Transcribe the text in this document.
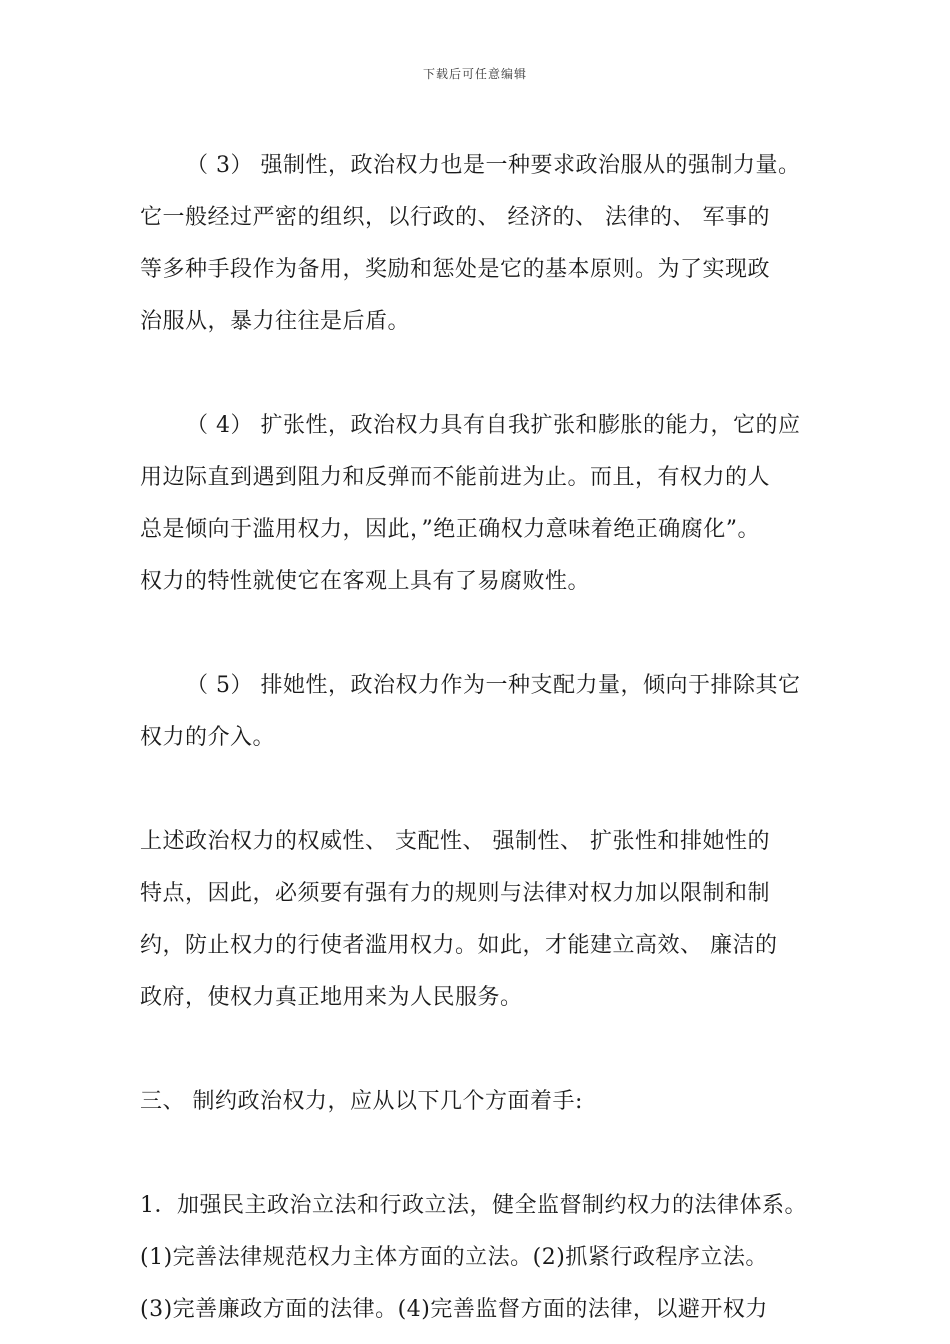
下载后可任意编辑
（ 3） 强制性，政治权力也是一种要求政治服从的强制力量。
它一般经过严密的组织，以行政的、 经济的、 法律的、 军事的
等多种手段作为备用，奖励和惩处是它的基本原则。为了实现政
治服从，暴力往往是后盾。
（ 4） 扩张性，政治权力具有自我扩张和膨胀的能力，它的应
用边际直到遇到阻力和反弹而不能前进为止。而且，有权力的人
总是倾向于滥用权力，因此，”绝正确权力意味着绝正确腐化”。
权力的特性就使它在客观上具有了易腐败性。
（ 5） 排她性，政治权力作为一种支配力量，倾向于排除其它
权力的介入。
上述政治权力的权威性、 支配性、 强制性、 扩张性和排她性的
特点，因此，必须要有强有力的规则与法律对权力加以限制和制
约，防止权力的行使者滥用权力。如此，才能建立高效、 廉洁的
政府，使权力真正地用来为人民服务。
三、 制约政治权力，应从以下几个方面着手:
1．加强民主政治立法和行政立法，健全监督制约权力的法律体系。
(1)完善法律规范权力主体方面的立法。(2)抓紧行政程序立法。
(3)完善廉政方面的法律。(4)完善监督方面的法律，以避开权力
